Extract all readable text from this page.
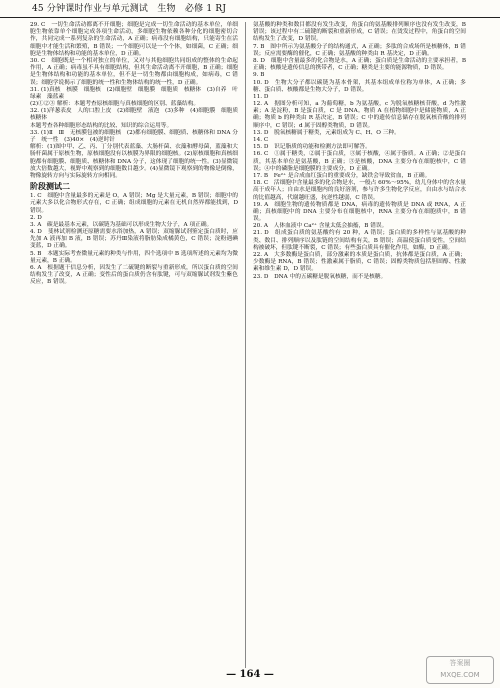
45 分钟课时作业与单元测试　生物　必修 1 RJ

29. C　一切生命活动都离不开细胞；细胞是完成一切生命活动的基本单位，单细胞生物依靠单个细胞完成各项生命活动，多细胞生物依赖各种分化的细胞密切合作，共同完成一系列复杂的生命活动，A 正确；病毒没有细胞结构，只能寄生在活细胞中才能生活和繁殖，B 错误；一个细胞可以是一个个体，如细菌，C 正确；细胞是生物体结构和功能的基本单位，D 正确。

30. C　细胞既是一个相对独立的单位，又对与其他细胞共同组成的整体的生命起作用，A 正确；病毒虽不具有细胞结构，但其生命活动离不开细胞，B 正确；细胞是生物体结构和功能的基本单位，但不是一切生物都由细胞构成，如病毒，C 错误；细胞学说揭示了细胞的统一性和生物体结构的统一性，D 正确。

31. (1)真核　核膜　细胞核　(2)细胞壁　细胞膜　细胞质　核糖体　(3)自养　叶绿素　藻蓝素

(2)①②③ 解析：本题考查原核细胞与真核细胞的区别、蓝藻结构。

32. (1)洋葱表皮　人的口腔上皮　(2)细胞壁　液泡　(3)多种　(4)细胞膜　细胞质　核糖体

本题考查各种细胞形态结构的比较、知识的综合运用等。

33. (1)Ⅱ　Ⅲ　无核膜包被的细胞核　(2)都有细胞膜、细胞质、核糖体和 DNA 分子　统一性　(3)40×　(4)逆时针

解析：(1)图中甲、乙、丙、丁分别代表蓝藻、大肠杆菌、衣藻和酵母菌，蓝藻和大肠杆菌属于原核生物，原核细胞没有以核膜为界限的细胞核。(2)原核细胞和真核细胞都有细胞膜、细胞质、核糖体和 DNA 分子，这体现了细胞的统一性。(3)显微镜放大倍数越大，视野中观察到的细胞数目越少。(4)显微镜下观察到的物像是倒像，物像旋转方向与实际旋转方向相同。

阶段测试二

1. C　细胞中含量最多的元素是 O，A 错误；Mg 是大量元素，B 错误；细胞中的元素大多以化合物形式存在，C 正确；组成细胞的元素在无机自然界都能找到，D 错误。

2. D

3. A　碳是最基本元素，以碳链为基础可以形成生物大分子，A 项正确。

4. D　斐林试剂检测还原糖需要水浴加热，A 错误；双缩脲试剂鉴定蛋白质时，应先加 A 液再加 B 液，B 错误；苏丹Ⅲ染液将脂肪染成橘黄色，C 错误；淀粉遇碘变蓝，D 正确。

5. B　本题实际考查微量元素的种类与作用，四个选项中 B 选项所述的元素均为微量元素，B 正确。

6. A　根据题干信息分析，因发生了二硫键的断裂与重新形成，所以蛋白质的空间结构发生了改变，A 正确；变性后的蛋白质仍含有肽键，可与双缩脲试剂发生紫色反应，B 错误。

氨基酸的种类和数目都没有发生改变，角蛋白的氨基酸排列顺序也没有发生改变，B 错误；该过程中有二硫键的断裂和重新形成，C 错误；在烫发过程中，角蛋白的空间结构发生了改变，D 错误。

7. B　图中所示为氨基酸分子的结构通式，A 正确；多肽的合成场所是核糖体，B 错误；反应需要酶的催化，C 正确；氨基酸的种类由 R 基决定，D 正确。

8. D　细胞中含量最多的化合物是水，A 正确；蛋白质是生命活动的主要承担者，B 正确；核酸是遗传信息的携带者，C 正确；糖类是主要的能源物质，D 错误。

9. B

10. D　生物大分子都以碳链为基本骨架，其基本组成单位称为单体，A 正确；多糖、蛋白质、核酸都是生物大分子，D 错误。

11. D

12. A　据图分析可知，a 为葡萄糖，b 为氨基酸，c 为脱氧核糖核苷酸，d 为性激素；A 是淀粉，B 是蛋白质，C 是 DNA。物质 A 在植物细胞中是储能物质，A 正确；物质 b 的种类由 R 基决定，B 错误；C 中的遗传信息储存在脱氧核苷酸的排列顺序中，C 错误；d 属于固醇类物质，D 错误。

13. D　脱氧核糖属于糖类，元素组成为 C、H、O 三种。

14. C

15. D　识记脂质的功能和检测方法即可解答。

16. C　①属于糖类，②属于蛋白质，③属于核酸，④属于脂质。A 正确；②是蛋白质，其基本单位是氨基酸，B 正确；③是核酸，DNA 主要分布在细胞核中，C 错误；④中的磷脂是细胞膜的主要成分，D 正确。

17. B　Fe²⁺ 是合成血红蛋白的重要成分，缺铁会导致贫血，B 正确。

18. C　活细胞中含量最多的化合物是水，一般占 60%～95%，幼儿身体中的含水量高于成年人；自由水是细胞内的良好溶剂，参与许多生物化学反应，自由水与结合水的比值越高，代谢越旺盛，抗逆性越弱，C 错误。

19. A　细胞生物的遗传物质都是 DNA，病毒的遗传物质是 DNA 或 RNA，A 正确；真核细胞中的 DNA 主要分布在细胞核中，RNA 主要分布在细胞质中，B 错误。

20. A　人体血液中 Ca²⁺ 含量太低会抽搐，B 错误。

21. D　组成蛋白质的氨基酸约有 20 种，A 错误；蛋白质的多样性与氨基酸的种类、数目、排列顺序以及肽链的空间结构有关，B 错误；高温使蛋白质变性，空间结构被破坏，但肽键不断裂，C 错误；有些蛋白质具有催化作用，如酶，D 正确。

22. A　大多数酶是蛋白质，部分激素的本质是蛋白质，抗体都是蛋白质，A 正确；少数酶是 RNA，B 错误；性激素属于脂质，C 错误；固醇类物质包括胆固醇、性激素和维生素 D，D 错误。

23. D　DNA 中的五碳糖是脱氧核糖，而不是核糖。

— 164 —
答案圈
MXQE.COM
